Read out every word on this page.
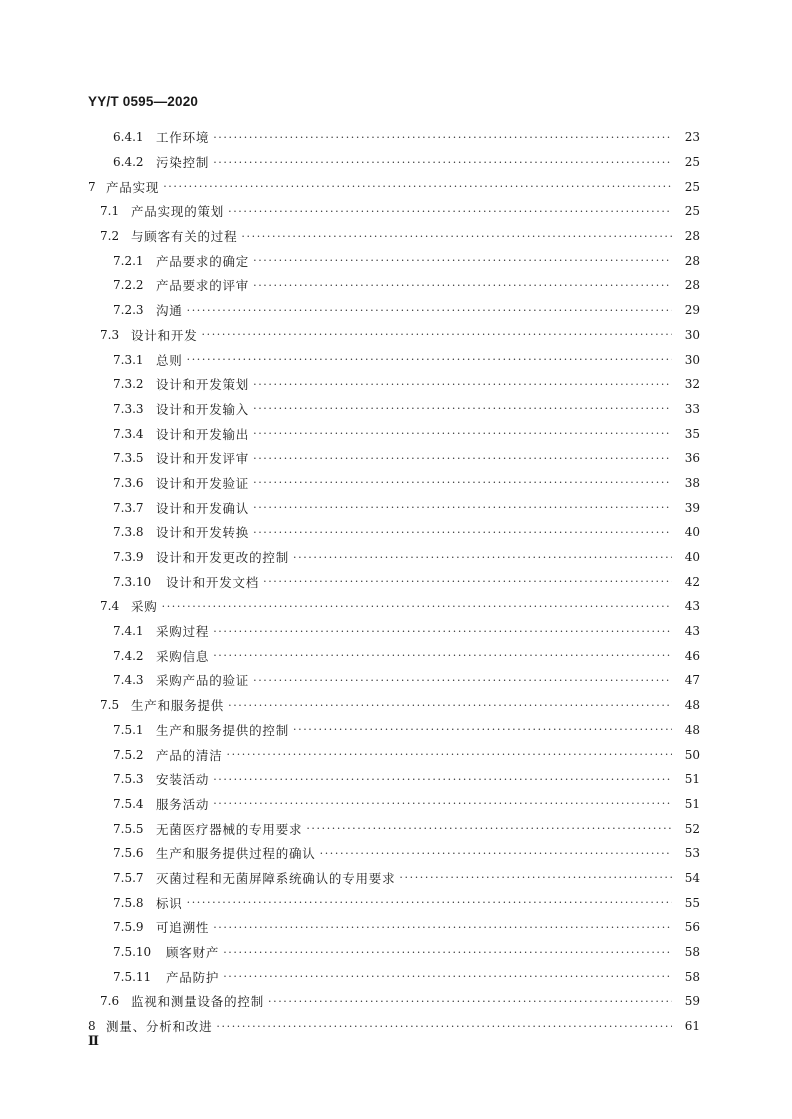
YY/T 0595—2020
6.4.1 工作环境 ·····	23
6.4.2 污染控制 ·····	25
7 产品实现 ·····	25
7.1 产品实现的策划 ·····	25
7.2 与顾客有关的过程 ·····	28
7.2.1 产品要求的确定 ·····	28
7.2.2 产品要求的评审 ·····	28
7.2.3 沟通 ·····	29
7.3 设计和开发 ·····	30
7.3.1 总则 ·····	30
7.3.2 设计和开发策划 ·····	32
7.3.3 设计和开发输入 ·····	33
7.3.4 设计和开发输出 ·····	35
7.3.5 设计和开发评审 ·····	36
7.3.6 设计和开发验证 ·····	38
7.3.7 设计和开发确认 ·····	39
7.3.8 设计和开发转换 ·····	40
7.3.9 设计和开发更改的控制 ·····	40
7.3.10	设计和开发文档 ·····	42
7.4 采购 ·····	43
7.4.1 采购过程 ·····	43
7.4.2 采购信息 ·····	46
7.4.3 采购产品的验证 ·····	47
7.5 生产和服务提供 ·····	48
7.5.1 生产和服务提供的控制 ·····	48
7.5.2 产品的清洁 ·····	50
7.5.3 安装活动 ·····	51
7.5.4 服务活动 ·····	51
7.5.5 无菌医疗器械的专用要求 ·····	52
7.5.6 生产和服务提供过程的确认 ·····	53
7.5.7 灭菌过程和无菌屏障系统确认的专用要求 ·····	54
7.5.8 标识 ·····	55
7.5.9 可追溯性 ·····	56
7.5.10	顾客财产 ·····	58
7.5.11	产品防护 ·····	58
7.6 监视和测量设备的控制 ·····	59
8 测量、分析和改进 ·····	61
Ⅱ
